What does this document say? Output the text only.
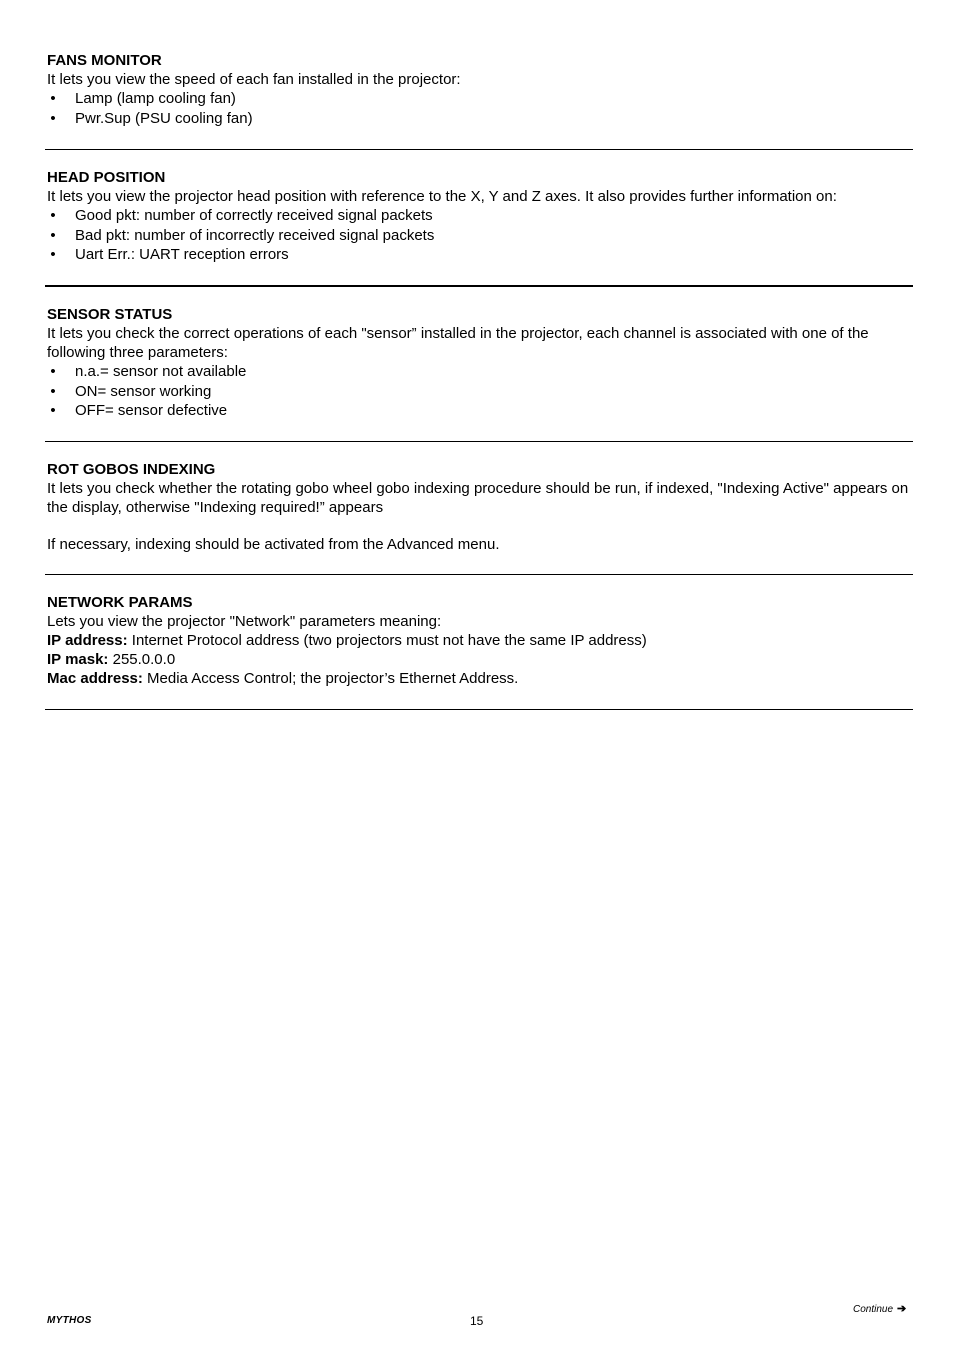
FANS MONITOR
It lets you view the speed of each fan installed in the projector:
• Lamp (lamp cooling fan)
• Pwr.Sup (PSU cooling fan)
HEAD POSITION
It lets you view the projector head position with reference to the X, Y and Z axes. It also provides further information on:
• Good pkt: number of correctly received signal packets
• Bad pkt: number of incorrectly received signal packets
• Uart Err.: UART reception errors
SENSOR STATUS
It lets you check the correct operations of each "sensor” installed in the projector, each channel is associated with one of the following three parameters:
• n.a.= sensor not available
• ON= sensor working
• OFF= sensor defective
ROT GOBOS INDEXING
It lets you check whether the rotating gobo wheel gobo indexing procedure should be run, if indexed, "Indexing Active" appears on the display, otherwise "Indexing required!” appears
If necessary, indexing should be activated from the Advanced menu.
NETWORK PARAMS
Lets you view the projector "Network" parameters meaning:
IP address: Internet Protocol address (two projectors must not have the same IP address)
IP mask: 255.0.0.0
Mac address: Media Access Control; the projector’s Ethernet Address.
MYTHOS	15
Continue ➔
